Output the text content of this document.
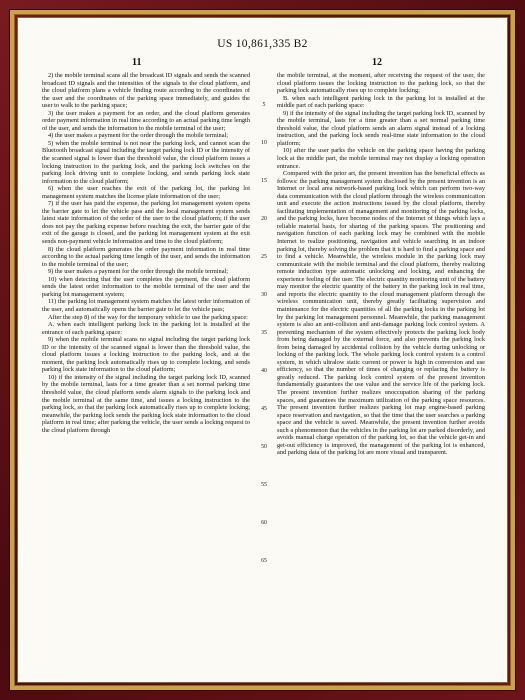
US 10,861,335 B2
11	12

2) the mobile terminal scans all the broadcast ID signals and sends the scanned broadcast ID signals and the intensities of the signals to the cloud platform, and the cloud platform plans a vehicle finding route according to the coordinates of the user and the coordinates of the parking space immediately, and guides the user to walk to the parking space;

3) the user makes a payment for an order, and the cloud platform generates order payment information in real time according to an actual parking time length of the user, and sends the information to the mobile terminal of the user;

4) the user makes a payment for the order through the mobile terminal;

5) when the mobile terminal is not near the parking lock, and cannot scan the Bluetooth broadcast signal including the target parking lock ID or the intensity of the scanned signal is lower than the threshold value, the cloud platform issues a locking instruction to the parking lock, and the parking lock switches on the parking lock driving unit to complete locking, and sends parking lock state information to the cloud platform;

6) when the user reaches the exit of the parking lot, the parking lot management system matches the license plate information of the user;

7) if the user has paid the expense, the parking lot management system opens the barrier gate to let the vehicle pass and the local management system sends latest state information of the order of the user to the cloud platform; if the user does not pay the parking expense before reaching the exit, the barrier gate of the exit of the garage is closed, and the parking lot management system at the exit sends non-payment vehicle information and time to the cloud platform;

8) the cloud platform generates the order payment information in real time according to the actual parking time length of the user, and sends the information to the mobile terminal of the user;

9) the user makes a payment for the order through the mobile terminal;

10) when detecting that the user completes the payment, the cloud platform sends the latest order information to the mobile terminal of the user and the parking lot management system;

11) the parking lot management system matches the latest order information of the user, and automatically opens the barrier gate to let the vehicle pass;

After the step 8) of the way for the temporary vehicle to use the parking space:

A. when each intelligent parking lock in the parking lot is installed at the entrance of each parking space:

9) when the mobile terminal scans no signal including the target parking lock ID or the intensity of the scanned signal is lower than the threshold value, the cloud platform issues a locking instruction to the parking lock, and at the moment, the parking lock automatically rises up to complete locking, and sends parking lock state information to the cloud platform;

10) if the intensity of the signal including the target parking lock ID, scanned by the mobile terminal, lasts for a time greater than a set normal parking time threshold value, the cloud platform sends alarm signals to the parking lock and the mobile terminal at the same time, and issues a locking instruction to the parking lock, so that the parking lock automatically rises up to complete locking; meanwhile, the parking lock sends the parking lock state information to the cloud platform in real time; after parking the vehicle, the user sends a locking request to the cloud platform through

5
10
15
20
25
30
35
40
45
50
55
60
65

the mobile terminal, at the moment, after receiving the request of the user, the cloud platform issues the locking instruction to the parking lock, so that the parking lock automatically rises up to complete locking;

B. when each intelligent parking lock in the parking lot is installed at the middle part of each parking space:

9) if the intensity of the signal including the target parking lock ID, scanned by the mobile terminal, lasts for a time greater than a set normal parking time threshold value, the cloud platform sends an alarm signal instead of a locking instruction, and the parking lock sends real-time state information to the cloud platform;

10) after the user parks the vehicle on the parking space having the parking lock at the middle part, the mobile terminal may not display a locking operation entrance.

Compared with the prior art, the present invention has the beneficial effects as follows: the parking management system disclosed by the present invention is an Internet or local area network-based parking lock which can perform two-way data communication with the cloud platform through the wireless communication unit and execute the action instructions issued by the cloud platform, thereby facilitating implementation of management and monitoring of the parking locks, and the parking locks, have become nodes of the Internet of things which lays a reliable material basis, for sharing of the parking spaces. The positioning and navigation function of each parking lock may be combined with the mobile Internet to realize positioning, navigation and vehicle searching in an indoor parking lot, thereby solving the problem that it is hard to find a parking space and to find a vehicle. Meanwhile, the wireless module in the parking lock may communicate with the mobile terminal and the cloud platform, thereby realizing remote induction type automatic unlocking and locking, and enhancing the experience feeling of the user. The electric quantity monitoring unit of the battery may monitor the electric quantity of the battery in the parking lock in real time, and reports the electric quantity to the cloud management platform through the wireless communication unit, thereby greatly facilitating supervision and maintenance for the electric quantities of all the parking locks in the parking lot by the parking lot management personnel. Meanwhile, the parking management system is also an anti-collision and anti-damage parking lock control system. A preventing mechanism of the system effectively protects the parking lock body from being damaged by the external force, and also prevents the parking lock from being damaged by accidental collision by the vehicle during unlocking or locking of the parking lock. The whole parking lock control system is a control system, in which ultralow static current or power is high in conversion and use efficiency, so that the number of times of changing or replacing the battery is greatly reduced. The parking lock control system of the present invention fundamentally guarantees the use value and the service life of the parking lock. The present invention further realizes unoccupation sharing of the parking spaces, and guarantees the maximum utilization of the parking space resources. The present invention further realizes parking lot map engine-based parking space reservation and navigation, so that the time that the user searches a parking space and the vehicle is saved. Meanwhile, the present invention further avoids such a phenomenon that the vehicles in the parking lot are parked disorderly, and avoids manual charge operation of the parking lot, so that the vehicle get-in and get-out efficiency is improved, the management of the parking lot is enhanced, and parking data of the parking lot are more visual and transparent.
